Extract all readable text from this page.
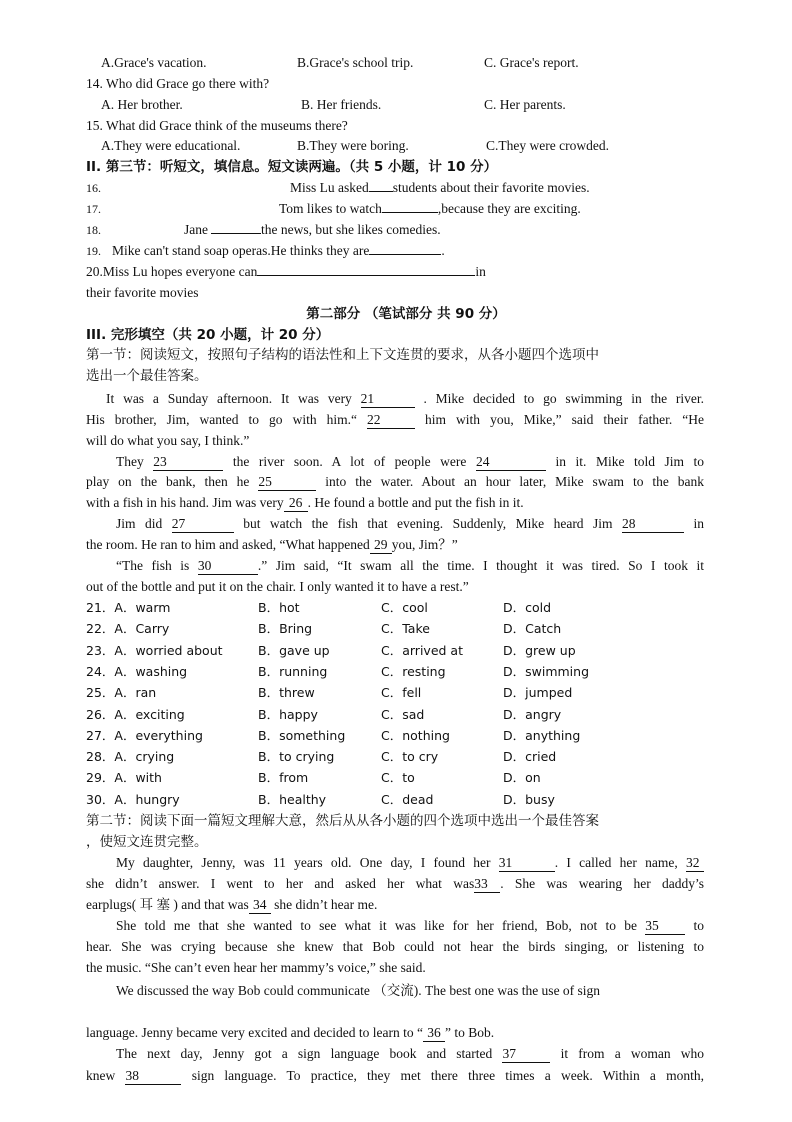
A.Grace's vacation.	B.Grace's school trip.	C. Grace's report.
14. Who did Grace go there with?
A. Her brother.	B. Her friends.	C. Her parents.
15. What did Grace think of the museums there?
A.They were educational.	B.They were boring.	C.They were crowded.
II. 第三节：听短文，填信息。短文读两遍。（共 5 小题，计 10 分）
16.	Miss Lu asked students about their favorite movies.
17.	Tom likes to watch	,because they are exciting.
18.	Jane	the news, but she likes comedies.
19. Mike can't stand soap operas.He thinks they are	.
20.Miss Lu hopes everyone can	in
their favorite movies
第二部分 （笔试部分 共 90 分）
III. 完形填空（共 20 小题，计 20 分）
第一节：阅读短文，按照句子结构的语法性和上下文连贯的要求，从各小题四个选项中
选出一个最佳答案。
It was a Sunday afternoon. It was very 21	. Mike decided to go swimming in the river.
His brother, Jim, wanted to go with him.“ 22	him with you, Mike,” said their father. “He
will do what you say, I think.”
They 23	the river soon. A lot of people were 24	in it. Mike told Jim to
play on the bank, then he 25	into the water. About an hour later, Mike swam to the bank
with a fish in his hand. Jim was very 26 . He found a bottle and put the fish in it.
Jim did 27	but watch the fish that evening. Suddenly, Mike heard Jim 28	in
the room. He ran to him and asked, “What happened 29 you, Jim？”
“The fish is 30	.” Jim said, “It swam all the time. I thought it was tired. So I took it
out of the bottle and put it on the chair. I only wanted it to have a rest.”
21．A．warm	B．hot	C．cool	D．cold
22．A．Carry	B．Bring	C．Take	D．Catch
23．A．worried about	B．gave up	C．arrived at	D．grew up
24．A．washing	B．running	C．resting	D．swimming
25．A．ran	B．threw	C．fell	D．jumped
26．A．exciting	B．happy	C．sad	D．angry
27．A．everything	B．something	C．nothing	D．anything
28．A．crying	B．to crying	C．to cry	D．cried
29．A．with	B．from	C．to	D．on
30．A．hungry	B．healthy	C．dead	D．busy
第二节：阅读下面一篇短文理解大意，然后从从各小题的四个选项中选出一个最佳答案
，使短文连贯完整。
My daughter, Jenny, was 11 years old. One day, I found her 31	. I called her name, 32
she didn’t answer. I went to her and asked her what was33 . She was wearing her daddy’s
earplugs( 耳 塞 ) and that was 34 she didn’t hear me.
She told me that she wanted to see what it was like for her friend, Bob, not to be 35	to
hear. She was crying because she knew that Bob could not hear the birds singing, or listening to
the music. “She can’t even hear her mammy’s voice,” she said.
We discussed the way Bob could communicate （交流). The best one was the use of sign
language. Jenny became very excited and decided to learn to “ 36 ” to Bob.
The next day, Jenny got a sign language book and started 37	it from a woman who
knew 38	sign language. To practice, they met there three times a week. Within a month,
